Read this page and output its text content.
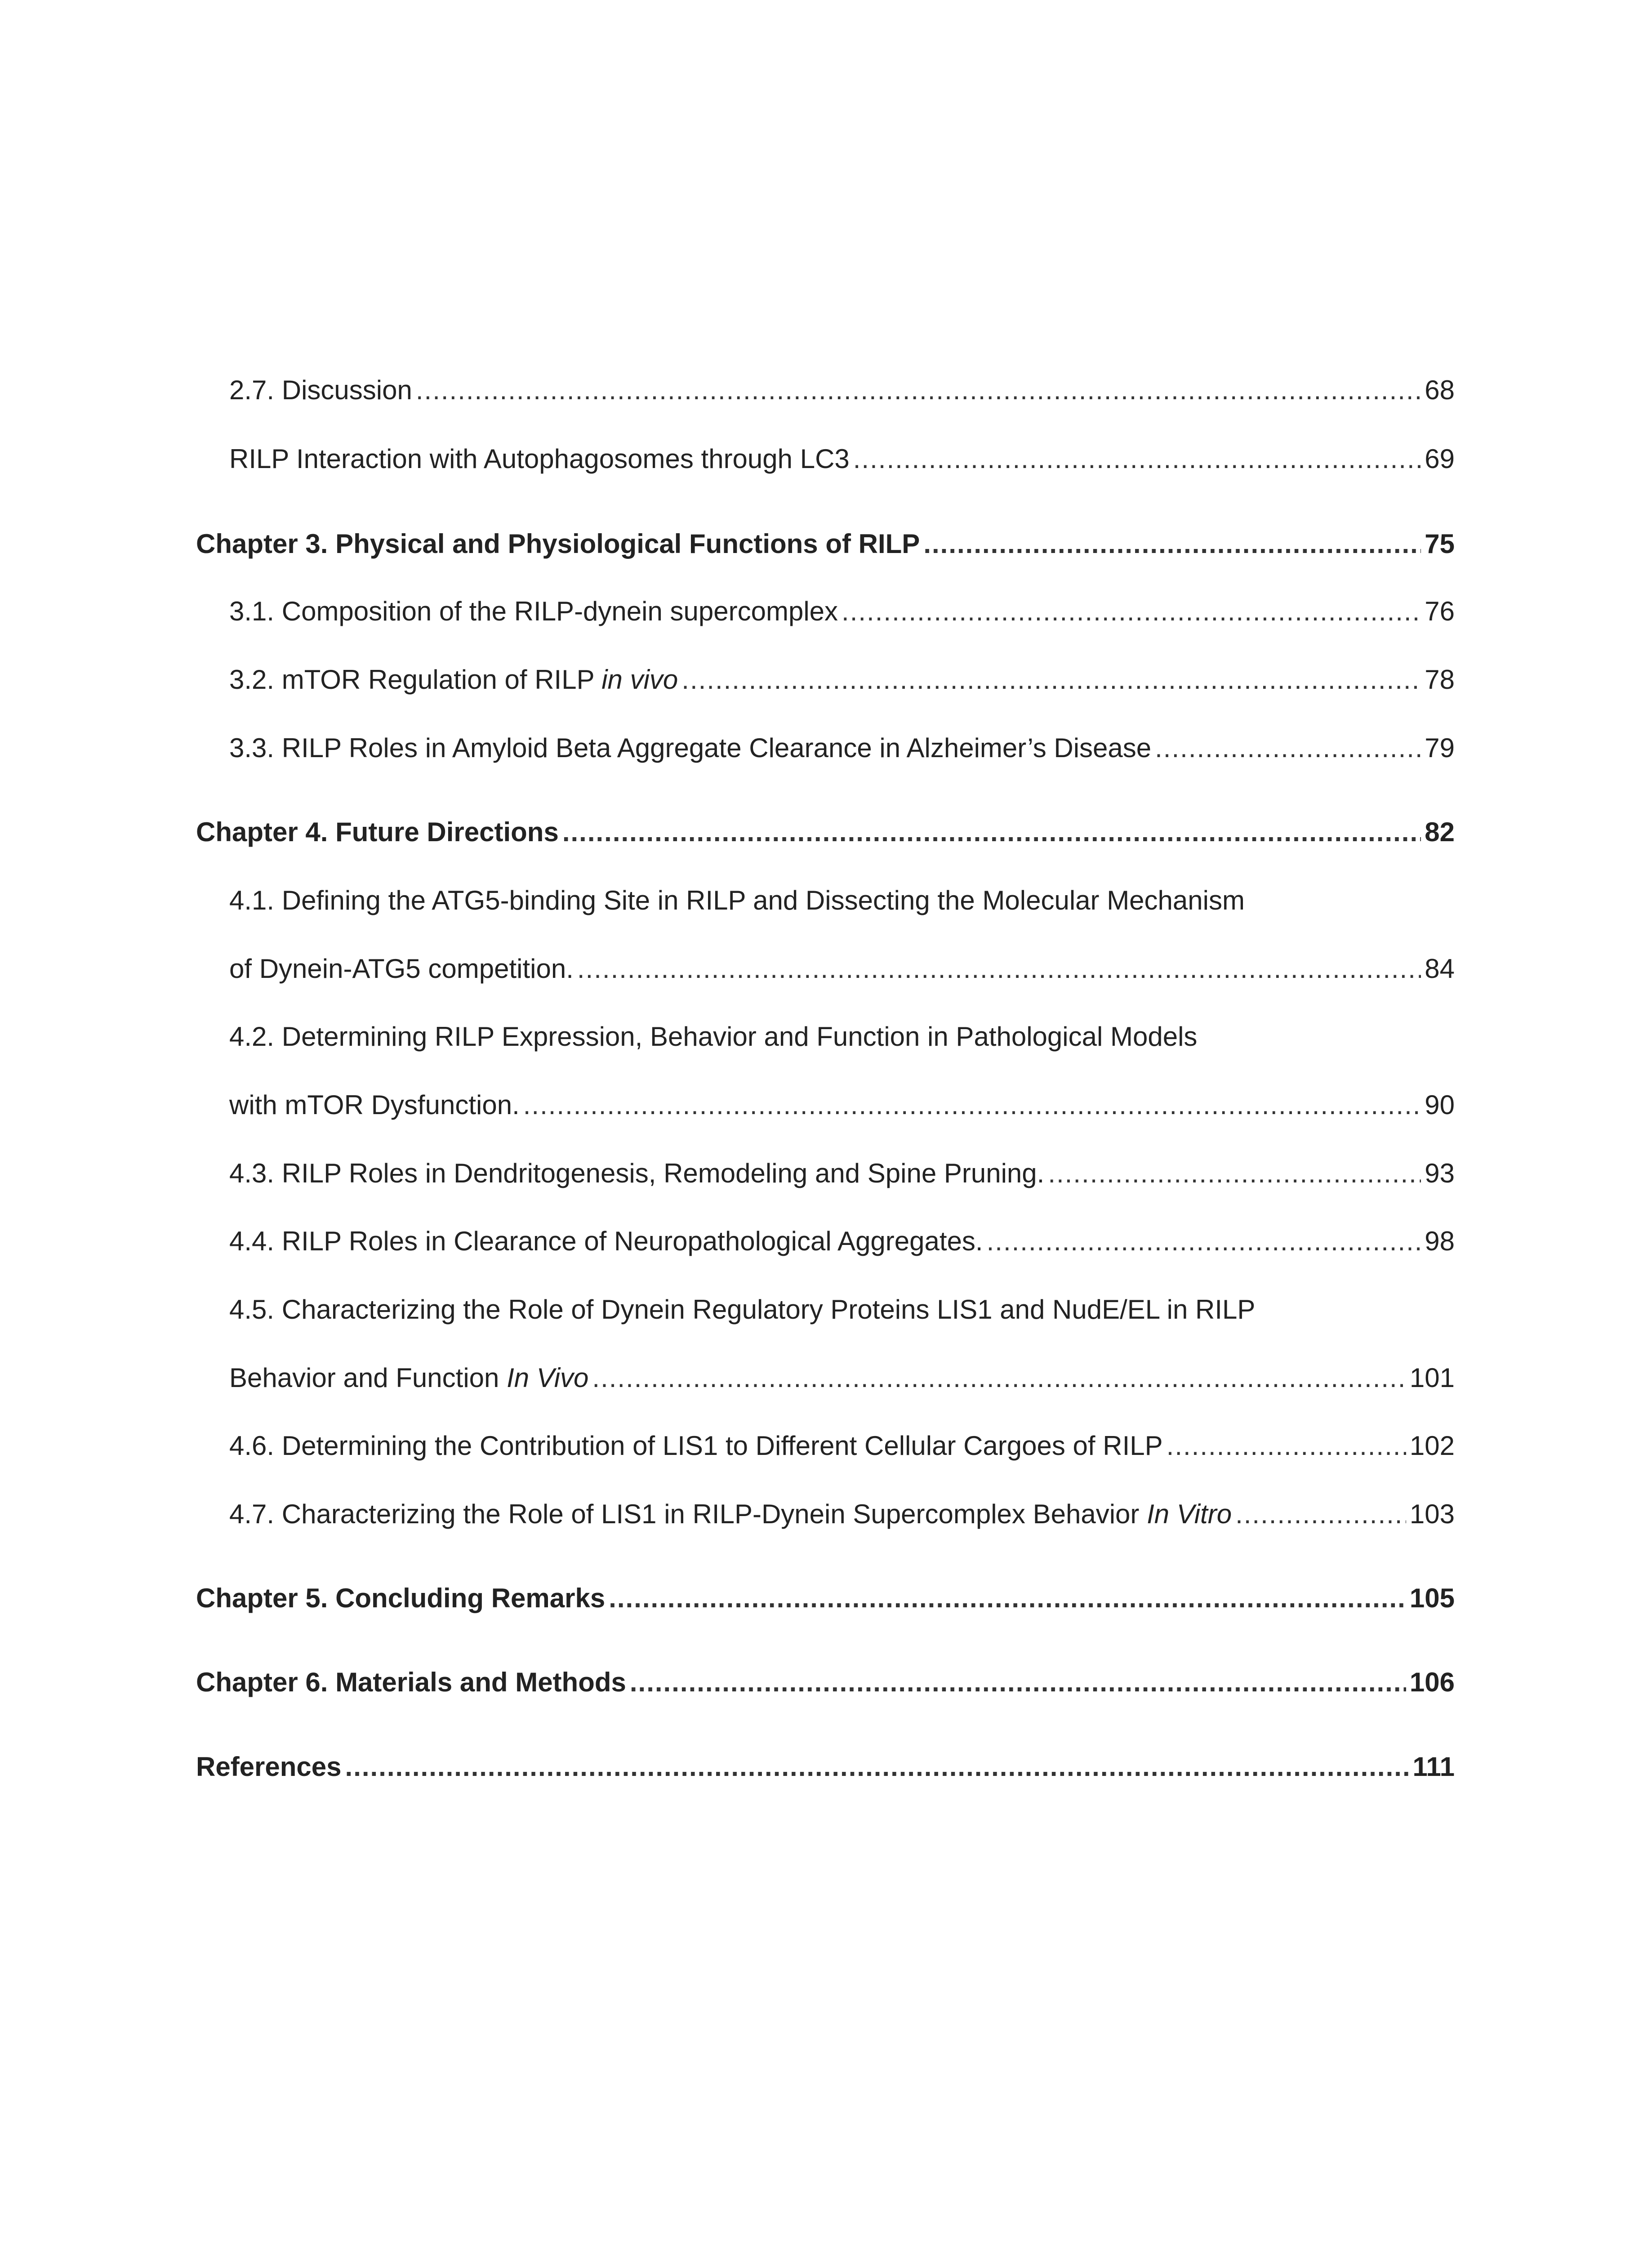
2.7. Discussion .....	68
RILP Interaction with Autophagosomes through LC3 .....	69
Chapter 3. Physical and Physiological Functions of RILP .....	75
3.1. Composition of the RILP-dynein supercomplex .....	76
3.2. mTOR Regulation of RILP in vivo .....	78
3.3. RILP Roles in Amyloid Beta Aggregate Clearance in Alzheimer’s Disease .....	79
Chapter 4. Future Directions .....	82
4.1. Defining the ATG5-binding Site in RILP and Dissecting the Molecular Mechanism
of Dynein-ATG5 competition. .....	84
4.2. Determining RILP Expression, Behavior and Function in Pathological Models
with mTOR Dysfunction. .....	90
4.3. RILP Roles in Dendritogenesis, Remodeling and Spine Pruning. .....	93
4.4. RILP Roles in Clearance of Neuropathological Aggregates. .....	98
4.5. Characterizing the Role of Dynein Regulatory Proteins LIS1 and NudE/EL in RILP
Behavior and Function In Vivo .....	101
4.6. Determining the Contribution of LIS1 to Different Cellular Cargoes of RILP .....	102
4.7. Characterizing the Role of LIS1 in RILP-Dynein Supercomplex Behavior In Vitro .....	103
Chapter 5. Concluding Remarks .....	105
Chapter 6. Materials and Methods .....	106
References .....	111
